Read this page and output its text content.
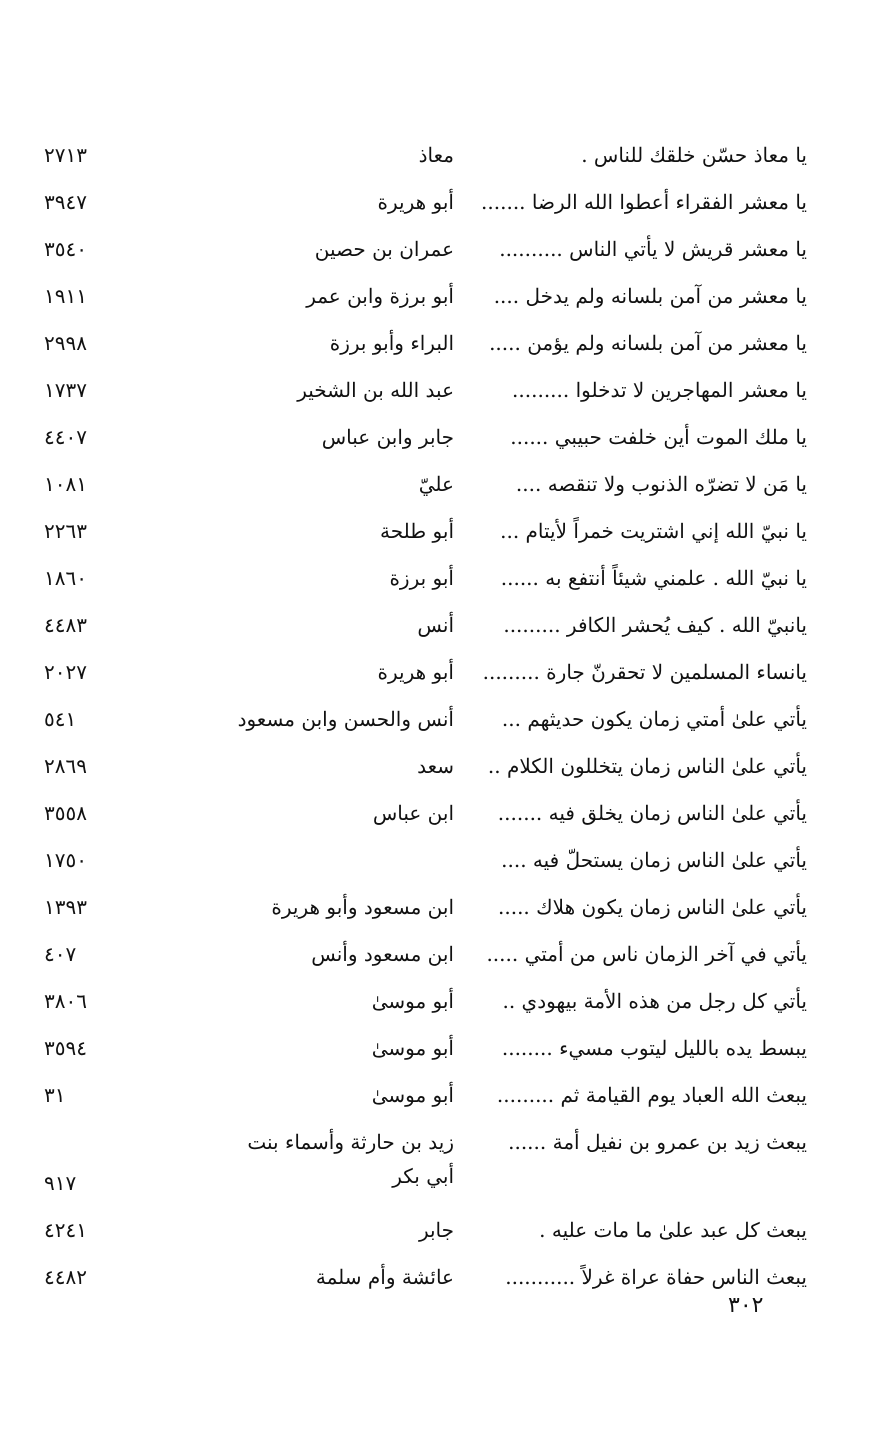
يا معاذ حسّن خلقك للناس .
معاذ
٢٧١٣
يا معشر الفقراء أعطوا الله الرضا .......
أبو هريرة
٣٩٤٧
يا معشر قريش لا يأتي الناس ..........
عمران بن حصين
٣٥٤٠
يا معشر من آمن بلسانه ولم يدخل ....
أبو برزة وابن عمر
١٩١١
يا معشر من آمن بلسانه ولم يؤمن .....
البراء وأبو برزة
٢٩٩٨
يا معشر المهاجرين لا تدخلوا .........
عبد الله بن الشخير
١٧٣٧
يا ملك الموت أين خلفت حبيبي ......
جابر وابن عباس
٤٤٠٧
يا مَن لا تضرّه الذنوب ولا تنقصه ....
عليّ
١٠٨١
يا نبيّ الله إني اشتريت خمراً لأيتام ...
أبو طلحة
٢٢٦٣
يا نبيّ الله . علمني شيئاً أنتفع به ......
أبو برزة
١٨٦٠
يانبيّ الله . كيف يُحشر الكافر .........
أنس
٤٤٨٣
يانساء المسلمين لا تحقرنّ جارة .........
أبو هريرة
٢٠٢٧
يأتي علىٰ أمتي زمان يكون حديثهم ...
أنس والحسن وابن مسعود
٥٤١
يأتي علىٰ الناس زمان يتخللون الكلام ..
سعد
٢٨٦٩
يأتي علىٰ الناس زمان يخلق فيه .......
ابن عباس
٣٥٥٨
يأتي علىٰ الناس زمان يستحلّ فيه ....
١٧٥٠
يأتي علىٰ الناس زمان يكون هلاك .....
ابن مسعود وأبو هريرة
١٣٩٣
يأتي في آخر الزمان ناس من أمتي .....
ابن مسعود وأنس
٤٠٧
يأتي كل رجل من هذه الأمة بيهودي ..
أبو موسىٰ
٣٨٠٦
يبسط يده بالليل ليتوب مسيء ........
أبو موسىٰ
٣٥٩٤
يبعث الله العباد يوم القيامة ثم .........
أبو موسىٰ
٣١
يبعث زيد بن عمرو بن نفيل أمة ......
زيد بن حارثة وأسماء بنت أبي بكر
٩١٧
يبعث كل عبد علىٰ ما مات عليه .
جابر
٤٢٤١
يبعث الناس حفاة عراة غرلاً ...........
عائشة وأم سلمة
٤٤٨٢
٣٠٢
